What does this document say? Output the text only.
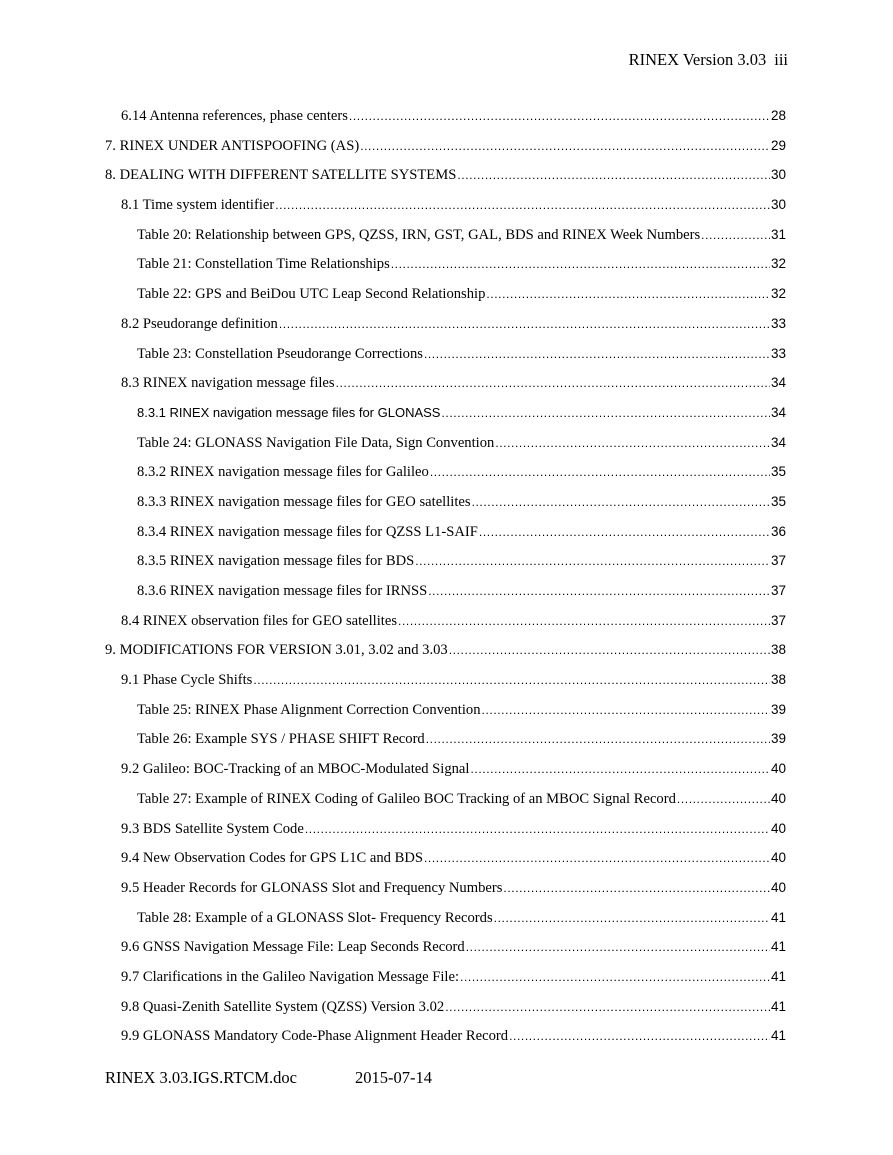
RINEX Version 3.03 iii
6.14 Antenna references, phase centers .....	28
7. RINEX UNDER ANTISPOOFING (AS) .....	29
8. DEALING WITH DIFFERENT SATELLITE SYSTEMS .....	30
8.1 Time system identifier .....	30
Table 20: Relationship between GPS, QZSS, IRN, GST, GAL, BDS and RINEX Week Numbers .....	31
Table 21: Constellation Time Relationships .....	32
Table 22: GPS and BeiDou UTC Leap Second Relationship .....	32
8.2 Pseudorange definition .....	33
Table 23: Constellation Pseudorange Corrections .....	33
8.3 RINEX navigation message files .....	34
8.3.1 RINEX navigation message files for GLONASS .....	34
Table 24: GLONASS Navigation File Data, Sign Convention .....	34
8.3.2 RINEX navigation message files for Galileo .....	35
8.3.3 RINEX navigation message files for GEO satellites .....	35
8.3.4 RINEX navigation message files for QZSS L1-SAIF .....	36
8.3.5 RINEX navigation message files for BDS .....	37
8.3.6 RINEX navigation message files for IRNSS .....	37
8.4 RINEX observation files for GEO satellites .....	37
9. MODIFICATIONS FOR VERSION 3.01, 3.02 and 3.03 .....	38
9.1 Phase Cycle Shifts .....	38
Table 25: RINEX Phase Alignment Correction Convention .....	39
Table 26: Example SYS / PHASE SHIFT Record .....	39
9.2 Galileo: BOC-Tracking of an MBOC-Modulated Signal .....	40
Table 27: Example of RINEX Coding of Galileo BOC Tracking of an MBOC Signal Record .....	40
9.3 BDS Satellite System Code .....	40
9.4 New Observation Codes for GPS L1C and BDS .....	40
9.5 Header Records for GLONASS Slot and Frequency Numbers .....	40
Table 28: Example of a GLONASS Slot- Frequency Records .....	41
9.6 GNSS Navigation Message File: Leap Seconds Record .....	41
9.7 Clarifications in the Galileo Navigation Message File: .....	41
9.8 Quasi-Zenith Satellite System (QZSS) Version 3.02 .....	41
9.9 GLONASS Mandatory Code-Phase Alignment Header Record .....	41
RINEX 3.03.IGS.RTCM.doc	2015-07-14
